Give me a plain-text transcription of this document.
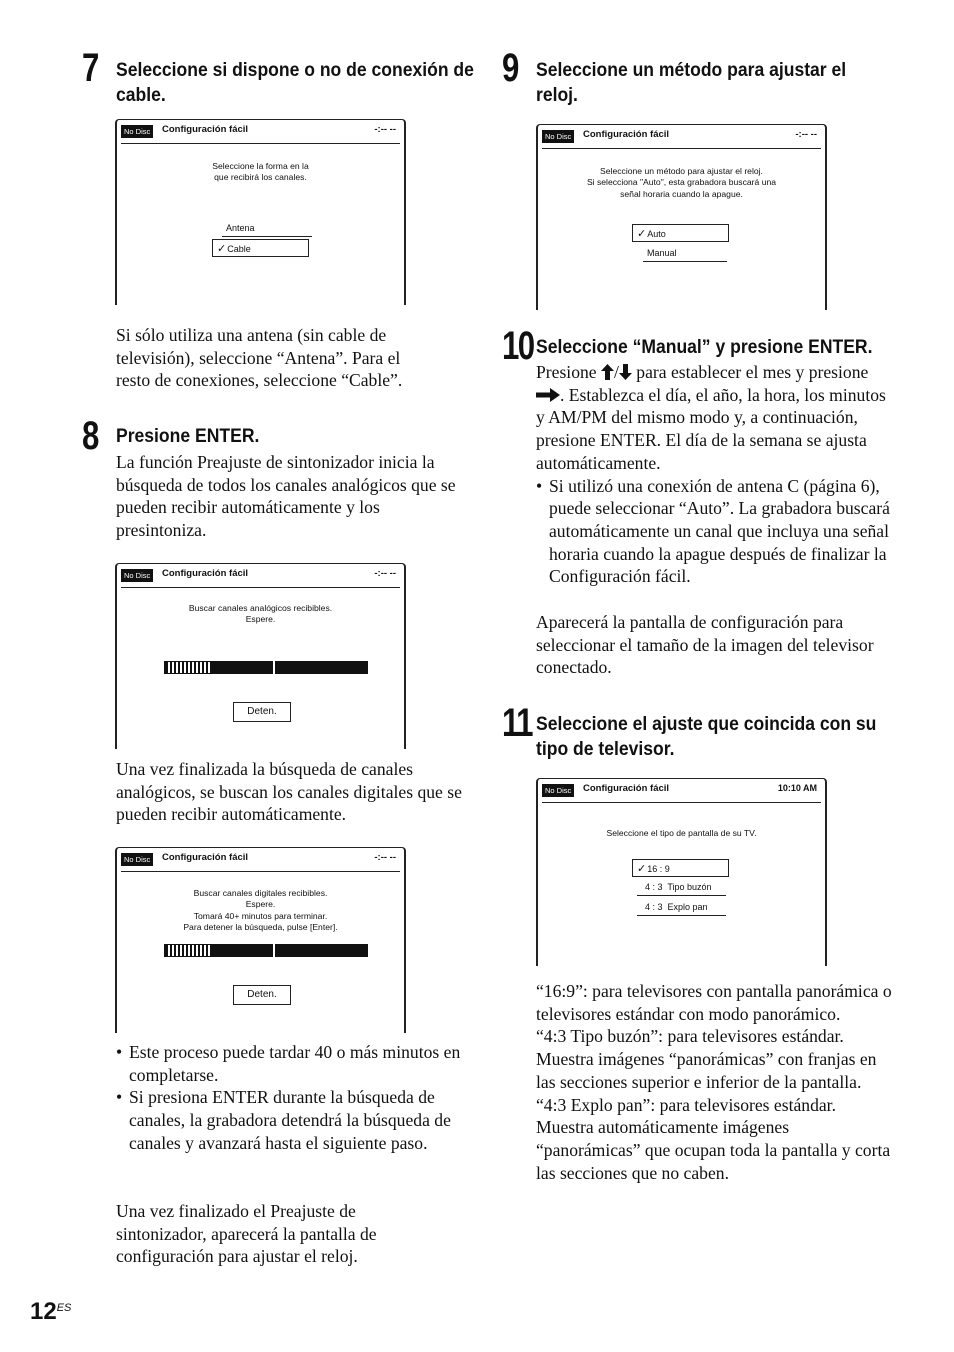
7 Seleccione si dispone o no de conexión de
cable.
No Disc	Configuración fácil	-:-- --
Seleccione la forma en la
que recibirá los canales.
Antena
✓Cable
Si sólo utiliza una antena (sin cable de televisión), seleccione “Antena”. Para el resto de conexiones, seleccione “Cable”.
8 Presione ENTER.
La función Preajuste de sintonizador inicia la búsqueda de todos los canales analógicos que se pueden recibir automáticamente y los presintoniza.
No Disc	Configuración fácil	-:-- --
Buscar canales analógicos recibibles.
Espere.
Deten.
Una vez finalizada la búsqueda de canales analógicos, se buscan los canales digitales que se pueden recibir automáticamente.
No Disc	Configuración fácil	-:-- --
Buscar canales digitales recibibles.
Espere.
Tomará 40+ minutos para terminar.
Para detener la búsqueda, pulse [Enter].
Deten.
• Este proceso puede tardar 40 o más minutos en completarse.
• Si presiona ENTER durante la búsqueda de canales, la grabadora detendrá la búsqueda de canales y avanzará hasta el siguiente paso.
Una vez finalizado el Preajuste de sintonizador, aparecerá la pantalla de configuración para ajustar el reloj.
9 Seleccione un método para ajustar el
reloj.
No Disc	Configuración fácil	-:-- --
Seleccione un método para ajustar el reloj.
Si selecciona "Auto", esta grabadora buscará una
señal horaria cuando la apague.
✓Auto
Manual
10 Seleccione “Manual” y presione ENTER.
Presione / para establecer el mes y presione . Establezca el día, el año, la hora, los minutos y AM/PM del mismo modo y, a continuación, presione ENTER. El día de la semana se ajusta automáticamente.
• Si utilizó una conexión de antena C (página 6), puede seleccionar “Auto”. La grabadora buscará automáticamente un canal que incluya una señal horaria cuando la apague después de finalizar la Configuración fácil.

Aparecerá la pantalla de configuración para seleccionar el tamaño de la imagen del televisor conectado.

11 Seleccione el ajuste que coincida con su
tipo de televisor.
No Disc	Configuración fácil	10:10 AM
Seleccione el tipo de pantalla de su TV.
✓16 : 9
4 : 3  Tipo buzón
4 : 3  Explo pan

“16:9”: para televisores con pantalla panorámica o televisores estándar con modo panorámico.

“4:3 Tipo buzón”: para televisores estándar. Muestra imágenes “panorámicas” con franjas en las secciones superior e inferior de la pantalla.

“4:3 Explo pan”: para televisores estándar. Muestra automáticamente imágenes “panorámicas” que ocupan toda la pantalla y corta las secciones que no caben.

$12^{ES}$
